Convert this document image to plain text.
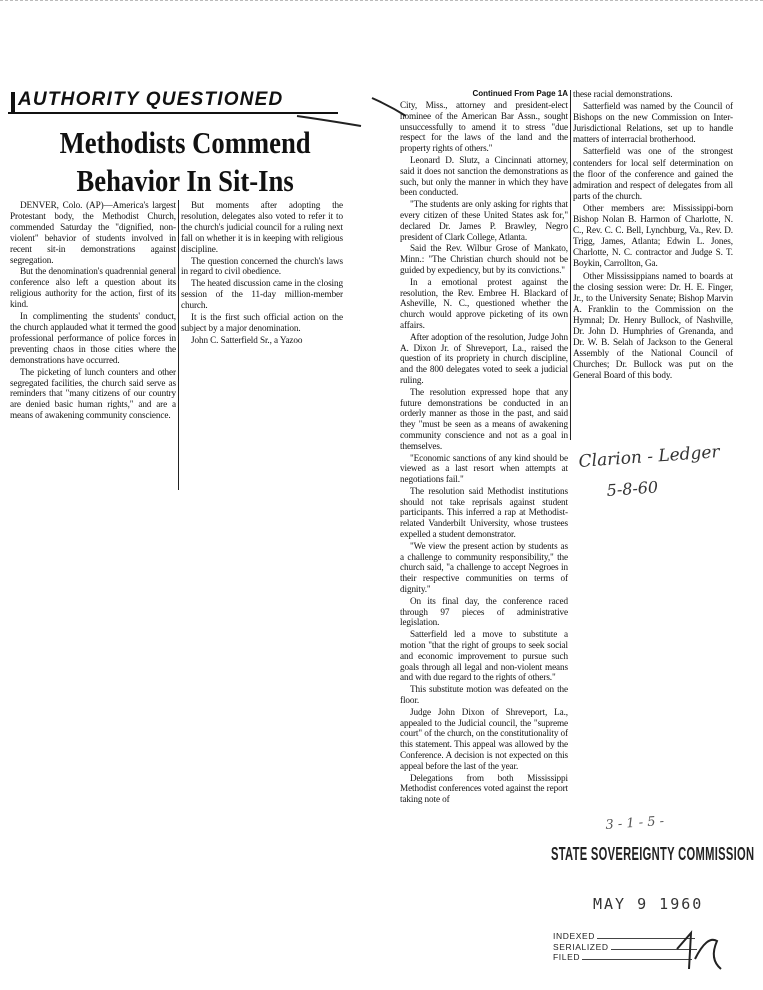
AUTHORITY QUESTIONED
Methodists Commend
Behavior In Sit-Ins

DENVER, Colo. (AP)—America's largest Protestant body, the Methodist Church, commended Saturday the "dignified, non-violent" behavior of students involved in recent sit-in demonstrations against segregation.

But the denomination's quadrennial general conference also left a question about its religious authority for the action, first of its kind.

In complimenting the students' conduct, the church applauded what it termed the good professional performance of police forces in preventing chaos in those cities where the demonstrations have occurred.

The picketing of lunch counters and other segregated facilities, the church said serve as reminders that "many citizens of our country are denied basic human rights," and are a means of awakening community conscience.

But moments after adopting the resolution, delegates also voted to refer it to the church's judicial council for a ruling next fall on whether it is in keeping with religious discipline.

The question concerned the church's laws in regard to civil obedience.

The heated discussion came in the closing session of the 11-day million-member church.

It is the first such official action on the subject by a major denomination.

John C. Satterfield Sr., a Yazoo

Continued From Page 1A

City, Miss., attorney and president-elect nominee of the American Bar Assn., sought unsuccessfully to amend it to stress "due respect for the laws of the land and the property rights of others."

Leonard D. Slutz, a Cincinnati attorney, said it does not sanction the demonstrations as such, but only the manner in which they have been conducted.

"The students are only asking for rights that every citizen of these United States ask for," declared Dr. James P. Brawley, Negro president of Clark College, Atlanta.

Said the Rev. Wilbur Grose of Mankato, Minn.: "The Christian church should not be guided by expediency, but by its convictions."

In a emotional protest against the resolution, the Rev. Embree H. Blackard of Asheville, N. C., questioned whether the church would approve picketing of its own affairs.

After adoption of the resolution, Judge John A. Dixon Jr. of Shreveport, La., raised the question of its propriety in church discipline, and the 800 delegates voted to seek a judicial ruling.

The resolution expressed hope that any future demonstrations be conducted in an orderly manner as those in the past, and said they "must be seen as a means of awakening community conscience and not as a goal in themselves.

"Economic sanctions of any kind should be viewed as a last resort when attempts at negotiations fail."

The resolution said Methodist institutions should not take reprisals against student participants. This inferred a rap at Methodist-related Vanderbilt University, whose trustees expelled a student demonstrator.

"We view the present action by students as a challenge to community responsibility," the church said, "a challenge to accept Negroes in their respective communities on terms of dignity."

On its final day, the conference raced through 97 pieces of administrative legislation.

Satterfield led a move to substitute a motion "that the right of groups to seek social and economic improvement to pursue such goals through all legal and non-violent means and with due regard to the rights of others."

This substitute motion was defeated on the floor.

Judge John Dixon of Shreveport, La., appealed to the Judicial council, the "supreme court" of the church, on the constitutionality of this statement. This appeal was allowed by the Conference. A decision is not expected on this appeal before the last of the year.

Delegations from both Mississippi Methodist conferences voted against the report taking note of

these racial demonstrations.

Satterfield was named by the Council of Bishops on the new Commission on Inter-Jurisdictional Relations, set up to handle matters of interracial brotherhood.

Satterfield was one of the strongest contenders for local self determination on the floor of the conference and gained the admiration and respect of delegates from all parts of the church.

Other members are: Mississippi-born Bishop Nolan B. Harmon of Charlotte, N. C., Rev. C. C. Bell, Lynchburg, Va., Rev. D. Trigg, James, Atlanta; Edwin L. Jones, Charlotte, N. C. contractor and Judge S. T. Boykin, Carrollton, Ga.

Other Mississippians named to boards at the closing session were: Dr. H. E. Finger, Jr., to the University Senate; Bishop Marvin A. Franklin to the Commission on the Hymnal; Dr. Henry Bullock, of Nashville, Dr. John D. Humphries of Grenanda, and Dr. W. B. Selah of Jackson to the General Assembly of the National Council of Churches; Dr. Bullock was put on the General Board of this body.

Clarion - Ledger
5-8-60
3 - 1 - 5 -
STATE SOVEREIGNTY COMMISSION
MAY 9 1960
INDEXED
SERIALIZED
FILED
